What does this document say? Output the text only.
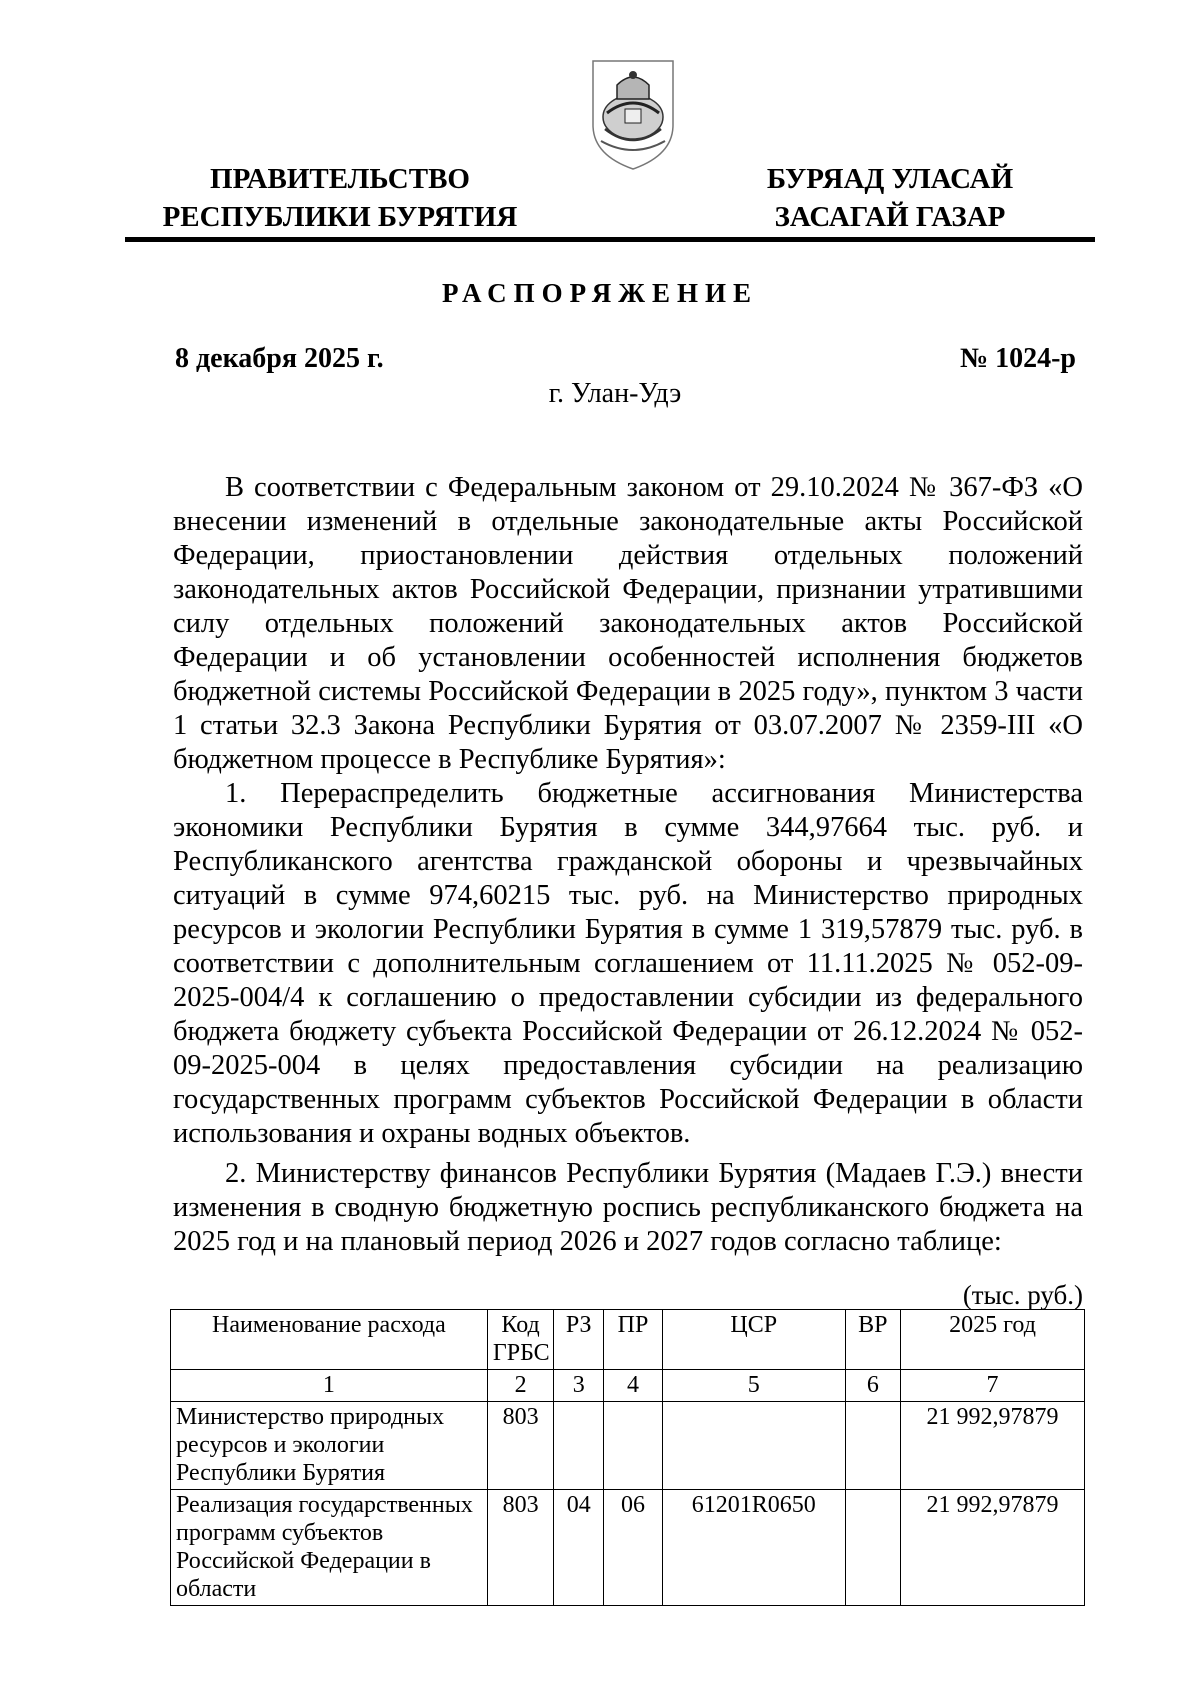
ПРАВИТЕЛЬСТВО
РЕСПУБЛИКИ БУРЯТИЯ
БУРЯАД УЛАСАЙ
ЗАСАГАЙ ГАЗАР
РАСПОРЯЖЕНИЕ
8 декабря 2025 г.	№ 1024-р
г. Улан-Удэ

В соответствии с Федеральным законом от 29.10.2024 № 367-ФЗ «О внесении изменений в отдельные законодательные акты Российской Федерации, приостановлении действия отдельных положений законодательных актов Российской Федерации, признании утратившими силу отдельных положений законодательных актов Российской Федерации и об установлении особенностей исполнения бюджетов бюджетной системы Российской Федерации в 2025 году», пунктом 3 части 1 статьи 32.3 Закона Республики Бурятия от 03.07.2007 № 2359-III «О бюджетном процессе в Республике Бурятия»:

1. Перераспределить бюджетные ассигнования Министерства экономики Республики Бурятия в сумме 344,97664 тыс. руб. и Республиканского агентства гражданской обороны и чрезвычайных ситуаций в сумме 974,60215 тыс. руб. на Министерство природных ресурсов и экологии Республики Бурятия в сумме 1 319,57879 тыс. руб. в соответствии с дополнительным соглашением от 11.11.2025 № 052-09-2025-004/4 к соглашению о предоставлении субсидии из федерального бюджета бюджету субъекта Российской Федерации от 26.12.2024 № 052-09-2025-004 в целях предоставления субсидии на реализацию государственных программ субъектов Российской Федерации в области использования и охраны водных объектов.

2. Министерству финансов Республики Бурятия (Мадаев Г.Э.) внести изменения в сводную бюджетную роспись республиканского бюджета на 2025 год и на плановый период 2026 и 2027 годов согласно таблице:

(тыс. руб.)
Наименование расхода	Код ГРБС	РЗ	ПР	ЦСР	ВР	2025 год
1	2	3	4	5	6	7
Министерство природных ресурсов и экологии Республики Бурятия	803					21 992,97879
Реализация государственных программ субъектов Российской Федерации в области	803	04	06	61201R0650		21 992,97879
